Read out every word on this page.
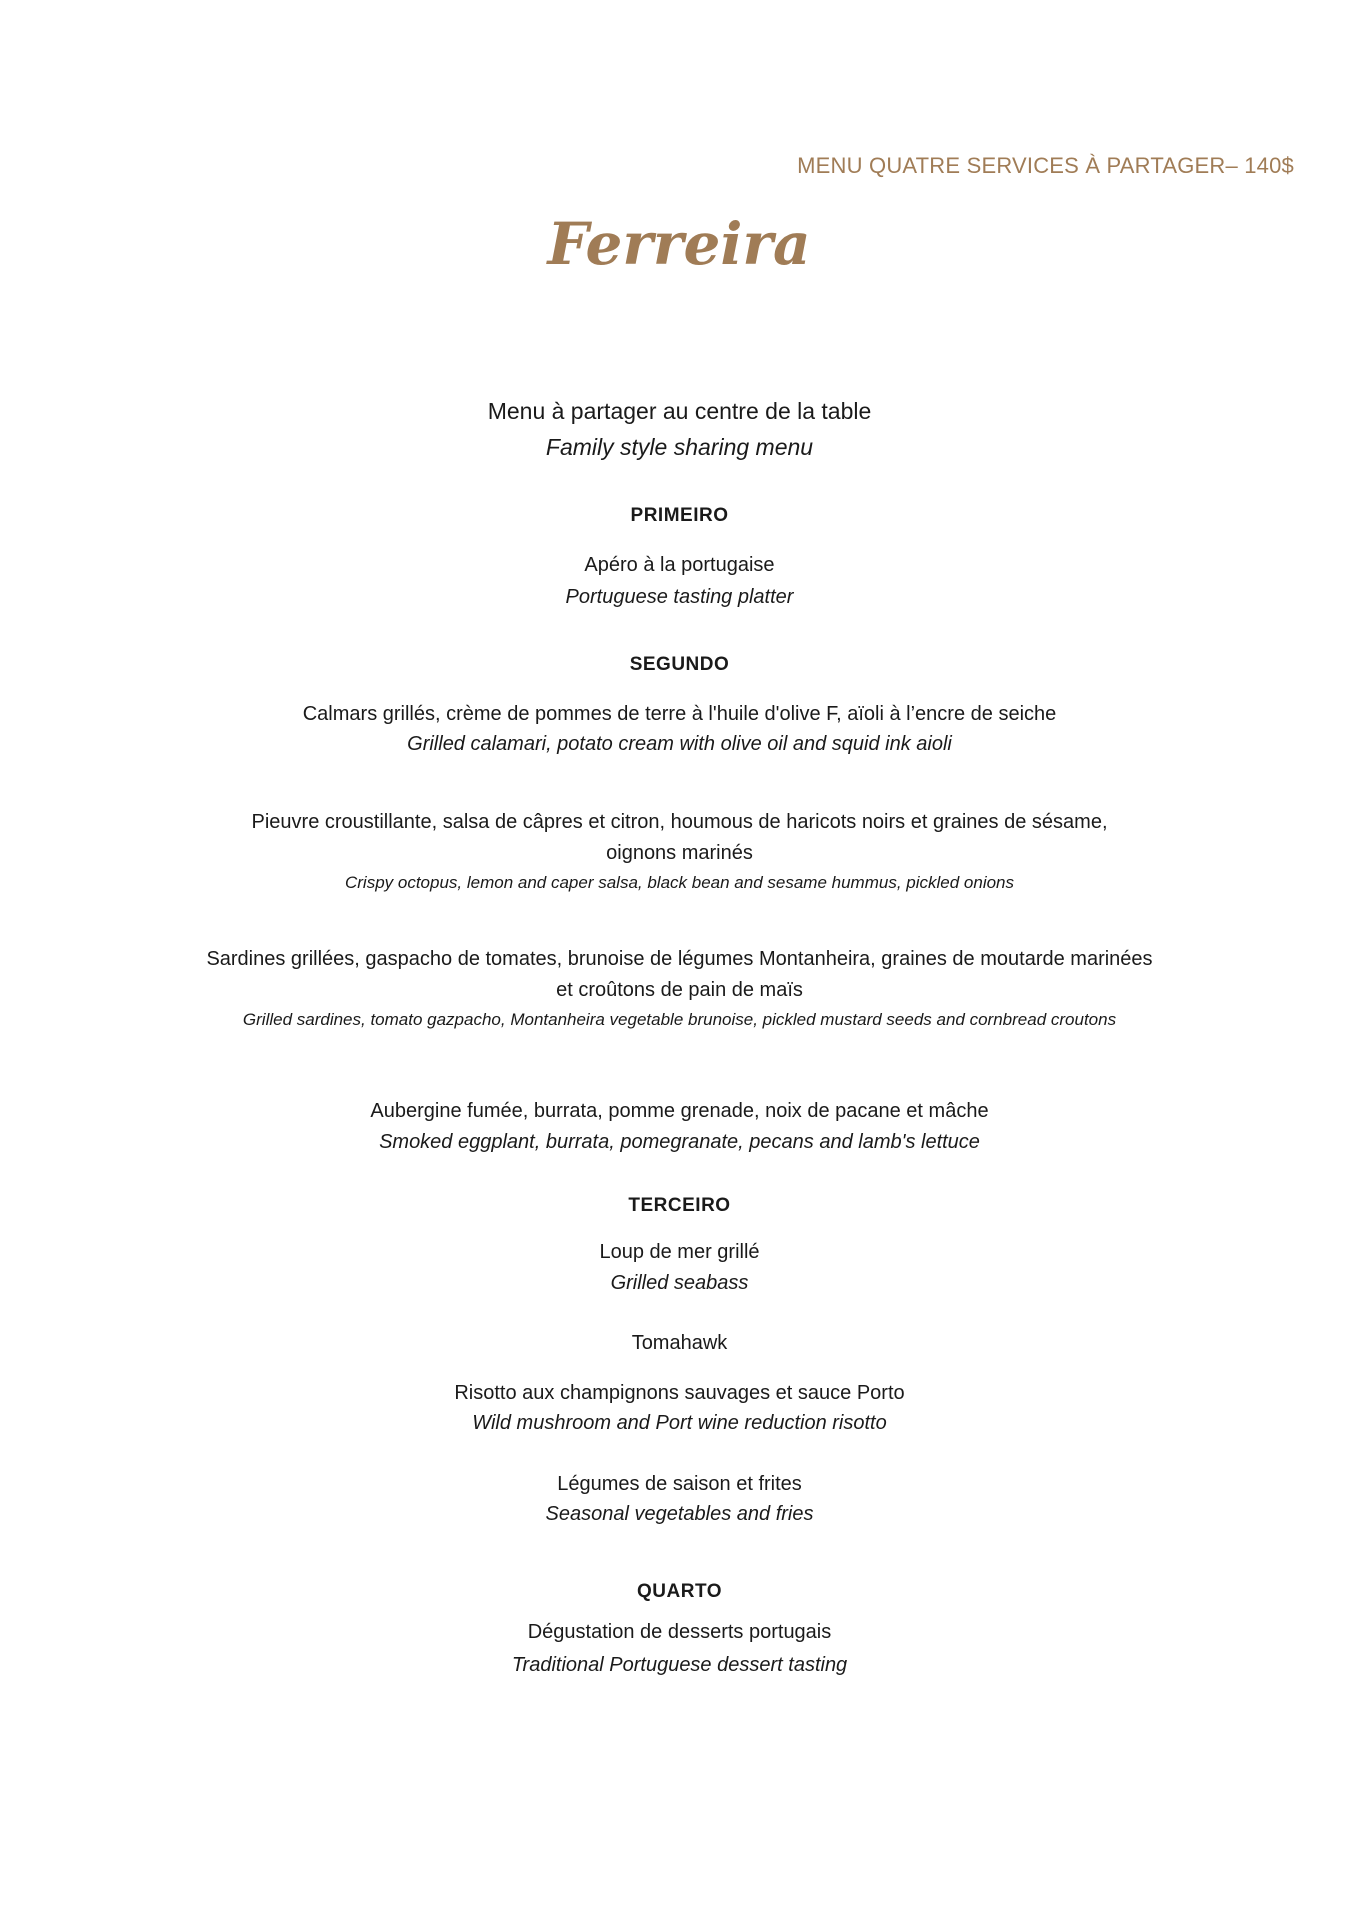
MENU QUATRE SERVICES À PARTAGER– 140$
Ferreira
Menu à partager au centre de la table
Family style sharing menu
PRIMEIRO
Apéro à la portugaise
Portuguese tasting platter
SEGUNDO
Calmars grillés, crème de pommes de terre à l'huile d'olive F, aïoli à l’encre de seiche
Grilled calamari, potato cream with olive oil and squid ink aioli
Pieuvre croustillante, salsa de câpres et citron, houmous de haricots noirs et graines de sésame,
oignons marinés
Crispy octopus, lemon and caper salsa, black bean and sesame hummus, pickled onions
Sardines grillées, gaspacho de tomates, brunoise de légumes Montanheira, graines de moutarde marinées
et croûtons de pain de maïs
Grilled sardines, tomato gazpacho, Montanheira vegetable brunoise, pickled mustard seeds and cornbread croutons
Aubergine fumée, burrata, pomme grenade, noix de pacane et mâche
Smoked eggplant, burrata, pomegranate, pecans and lamb's lettuce
TERCEIRO
Loup de mer grillé
Grilled seabass
Tomahawk
Risotto aux champignons sauvages et sauce Porto
Wild mushroom and Port wine reduction risotto
Légumes de saison et frites
Seasonal vegetables and fries
QUARTO
Dégustation de desserts portugais
Traditional Portuguese dessert tasting
